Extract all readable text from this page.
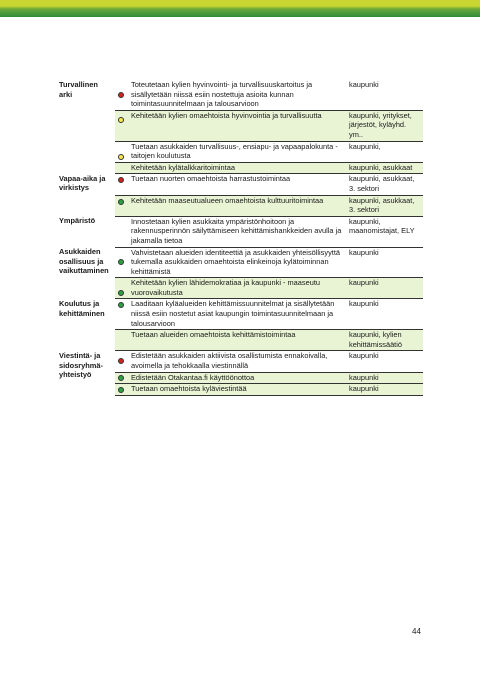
Turvallinen arki		Toteutetaan kylien hyvinvointi- ja turvallisuuskartoitus ja sisällytetään niissä esiin nostettuja asioita kunnan toimintasuunnitelmaan ja talousarvioon	kaupunki

		Kehitetään kylien omaehtoista hyvinvointia ja turvallisuutta	kaupunki, yritykset, järjestöt, kyläyhd. ym..

		Tuetaan asukkaiden turvallisuus-, ensiapu- ja vapaapalokunta -taitojen koulutusta	kaupunki,
		Kehitetään kylätalkkaritoimintaa	kaupunki, asukkaat
Vapaa-aika ja virkistys		Tuetaan nuorten omaehtoista harrastustoimintaa	kaupunki, asukkaat, 3. sektori

		Kehitetään maaseutualueen omaehtoista kulttuuritoimintaa	kaupunki, asukkaat, 3. sektori
Ympäristö		Innostetaan kylien asukkaita ympäristönhoitoon ja rakennusperinnön säilyttämiseen kehittämishankkeiden avulla ja jakamalla tietoa	kaupunki, maanomistajat, ELY
Asukkaiden osallisuus ja vaikuttaminen		Vahvistetaan alueiden identiteettiä ja asukkaiden yhteisöllisyyttä tukemalla asukkaiden omaehtoista elinkeinoja kylätoiminnan kehittämistä	kaupunki

		Kehitetään kylien lähidemokratiaa ja kaupunki - maaseutu vuorovaikutusta	kaupunki
Koulutus ja kehittäminen		Laaditaan kyläalueiden kehittämissuunnitelmat ja sisällytetään niissä esiin nostetut asiat kaupungin toimintasuunnitelmaan ja talousarvioon	kaupunki
		Tuetaan alueiden omaehtoista kehittämistoimintaa	kaupunki, kylien kehittämissäätiö
Viestintä- ja sidosryhmä-yhteistyö		Edistetään asukkaiden aktiivista osallistumista ennakoivalla, avoimella ja tehokkaalla viestinnällä	kaupunki

		Edistetään Otakantaa.fi käyttöönottoa	kaupunki

		Tuetaan omaehtoista kyläviestintää	kaupunki
44
